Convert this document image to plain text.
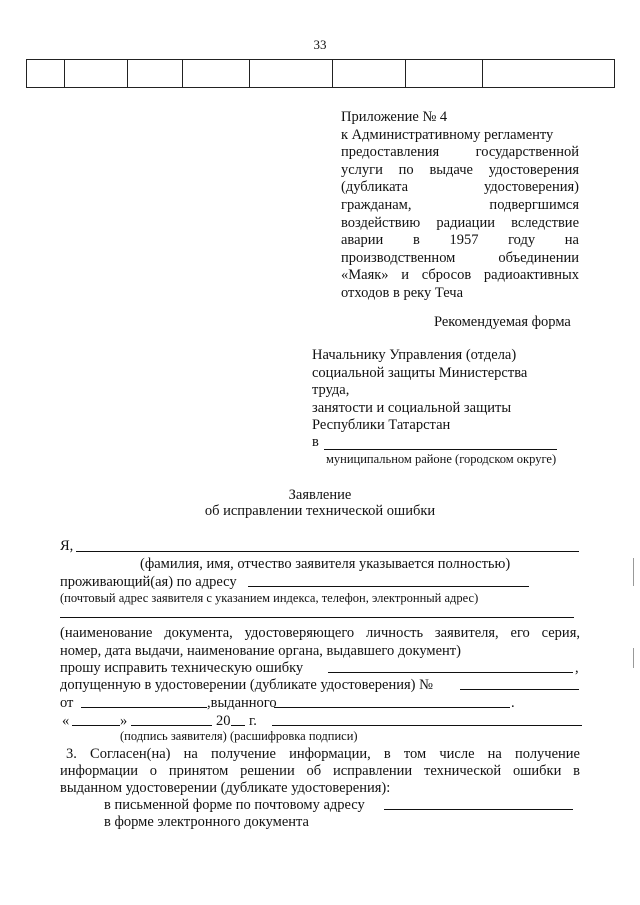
33

Приложение № 4
к Административному регламенту
предоставления государственной
услуги по выдаче удостоверения
(дубликата удостоверения)
гражданам, подвергшимся
воздействию радиации вследствие
аварии в 1957 году на
производственном объединении
«Маяк» и сбросов радиоактивных
отходов в реку Теча
Рекомендуемая форма
Начальнику Управления (отдела)
социальной защиты Министерства
труда,
занятости и социальной защиты
Республики Татарстан
в
муниципальном районе (городском округе)
Заявление
об исправлении технической ошибки
Я,
(фамилия, имя, отчество заявителя указывается полностью)
проживающий(ая) по адресу
(почтовый адрес заявителя с указанием индекса, телефон, электронный адрес)
(наименование документа, удостоверяющего личность заявителя, его серия,
номер, дата выдачи, наименование органа, выдавшего документ)
прошу исправить техническую ошибку	,
допущенную в удостоверении (дубликате удостоверения) №
от	,выданного	.
«	»	20 г.
(подпись заявителя) (расшифровка подписи)
3. Согласен(на) на получение информации, в том числе на получение
информации о принятом решении об исправлении технической ошибки в
выданном удостоверении (дубликате удостоверения):
в письменной форме по почтовому адресу
в форме электронного документа
